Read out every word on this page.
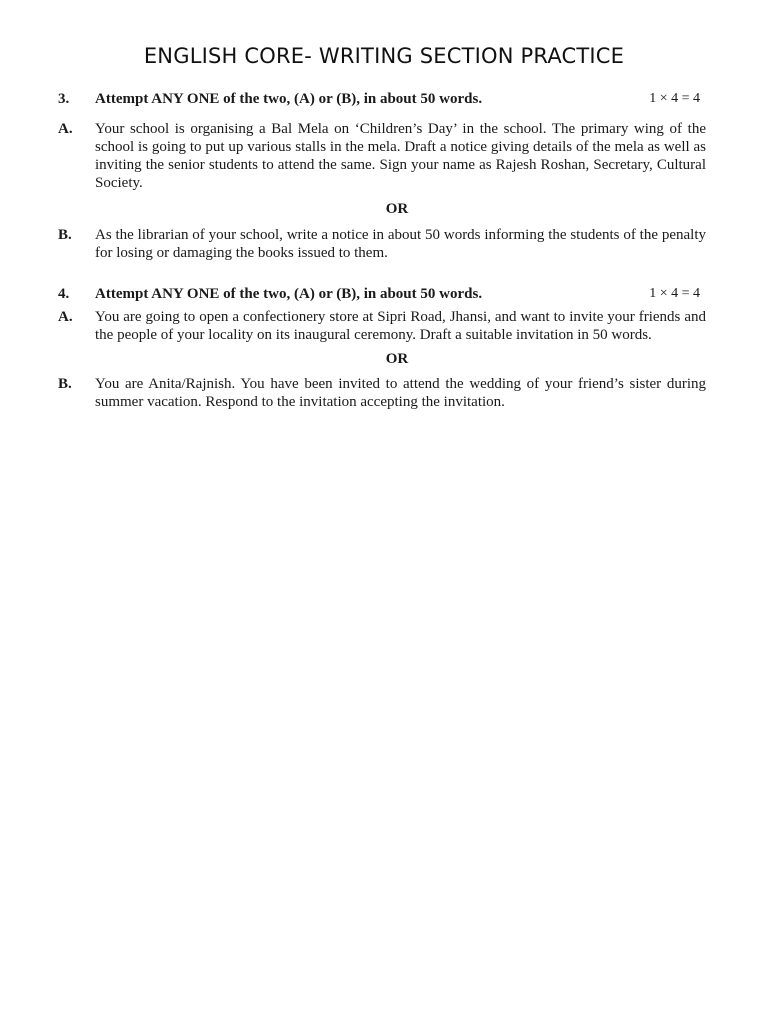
ENGLISH CORE- WRITING SECTION PRACTICE
3. Attempt ANY ONE of the two, (A) or (B), in about 50 words.	1 × 4 = 4
A. Your school is organising a Bal Mela on ‘Children’s Day’ in the school. The primary wing of the school is going to put up various stalls in the mela. Draft a notice giving details of the mela as well as inviting the senior students to attend the same. Sign your name as Rajesh Roshan, Secretary, Cultural Society.
OR
B. As the librarian of your school, write a notice in about 50 words informing the students of the penalty for losing or damaging the books issued to them.
4. Attempt ANY ONE of the two, (A) or (B), in about 50 words.	1 × 4 = 4
A. You are going to open a confectionery store at Sipri Road, Jhansi, and want to invite your friends and the people of your locality on its inaugural ceremony. Draft a suitable invitation in 50 words.
OR
B. You are Anita/Rajnish. You have been invited to attend the wedding of your friend’s sister during summer vacation. Respond to the invitation accepting the invitation.
